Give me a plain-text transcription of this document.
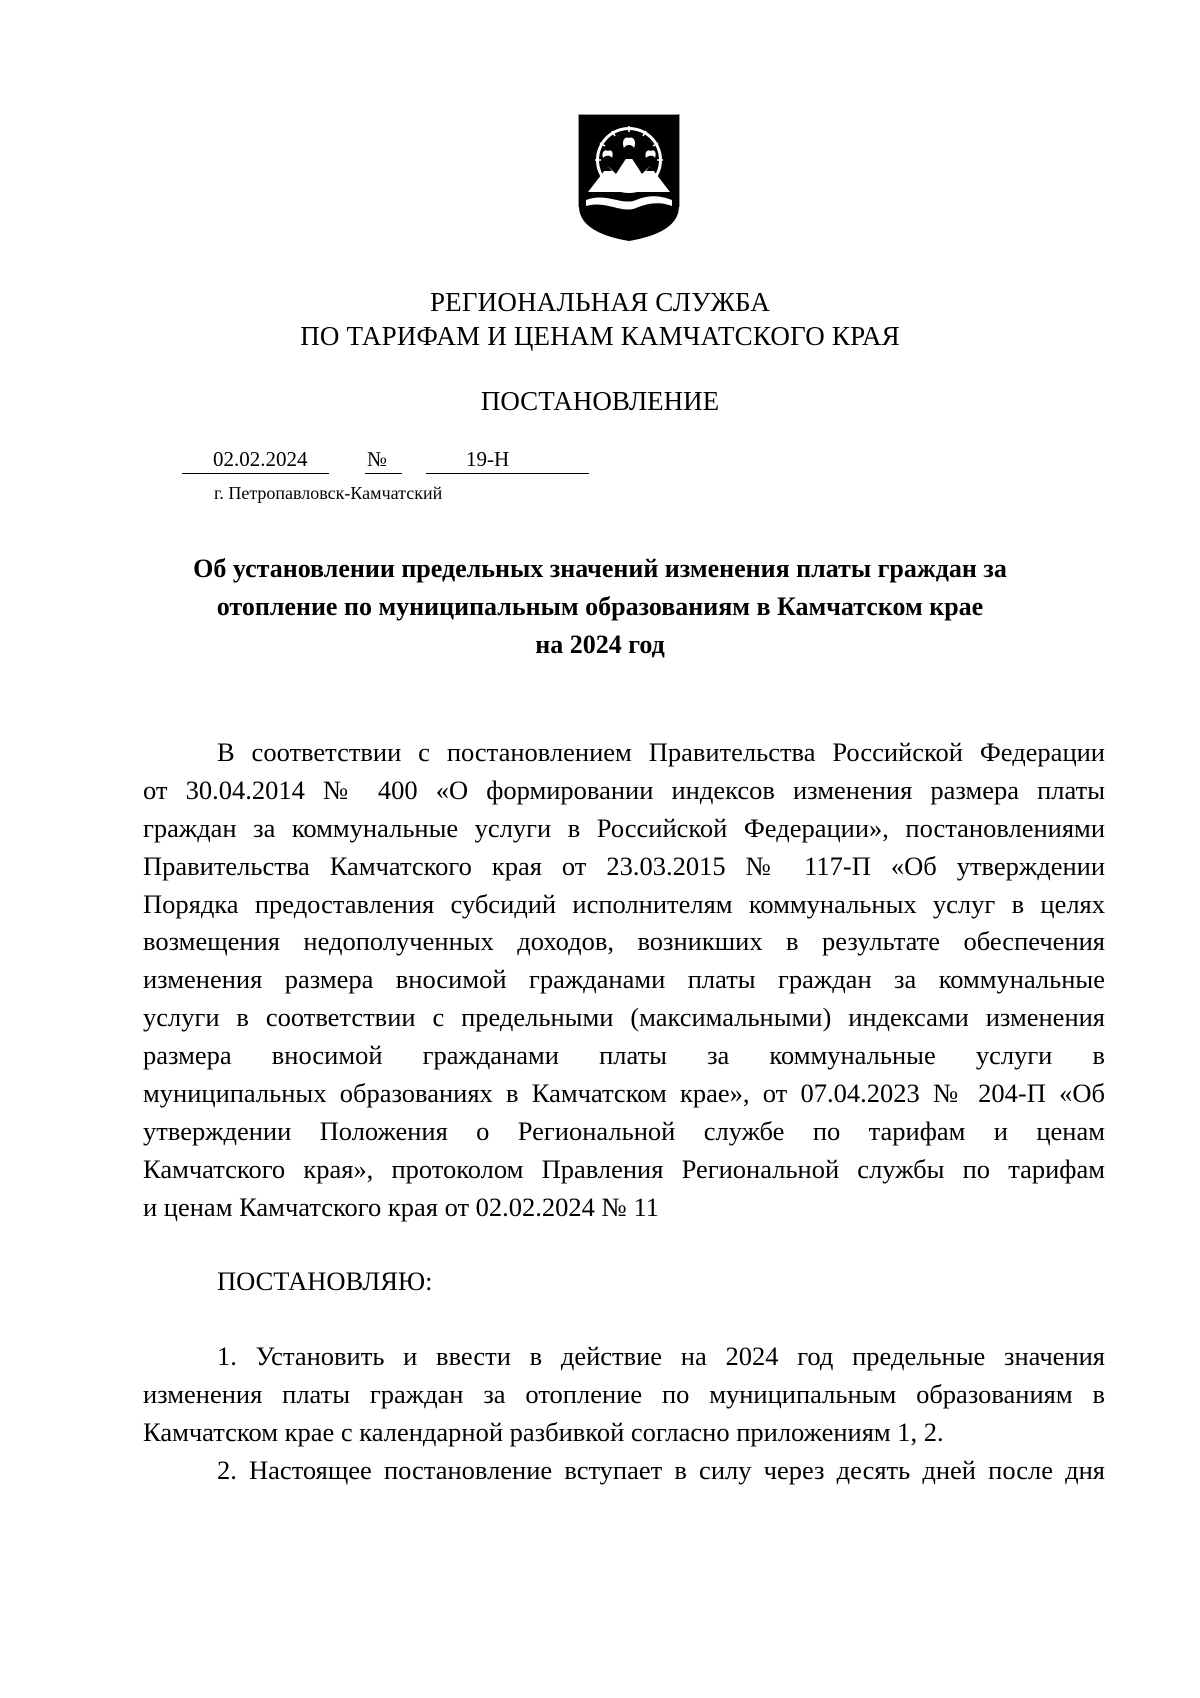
РЕГИОНАЛЬНАЯ СЛУЖБА
ПО ТАРИФАМ И ЦЕНАМ КАМЧАТСКОГО КРАЯ
ПОСТАНОВЛЕНИЕ
02.02.2024	№	19-Н
г. Петропавловск-Камчатский
Об установлении предельных значений изменения платы граждан за
отопление по муниципальным образованиям в Камчатском крае
на 2024 год
В соответствии с постановлением Правительства Российской Федерации
от 30.04.2014 № 400 «О формировании индексов изменения размера платы
граждан за коммунальные услуги в Российской Федерации», постановлениями
Правительства Камчатского края от 23.03.2015 № 117-П «Об утверждении
Порядка предоставления субсидий исполнителям коммунальных услуг в целях
возмещения недополученных доходов, возникших в результате обеспечения
изменения размера вносимой гражданами платы граждан за коммунальные
услуги в соответствии с предельными (максимальными) индексами изменения
размера вносимой гражданами платы за коммунальные услуги в
муниципальных образованиях в Камчатском крае», от 07.04.2023 № 204-П «Об
утверждении Положения о Региональной службе по тарифам и ценам
Камчатского края», протоколом Правления Региональной службы по тарифам
и ценам Камчатского края от 02.02.2024 № 11
ПОСТАНОВЛЯЮ:
1. Установить и ввести в действие на 2024 год предельные значения
изменения платы граждан за отопление по муниципальным образованиям в
Камчатском крае с календарной разбивкой согласно приложениям 1, 2.
2. Настоящее постановление вступает в силу через десять дней после дня
